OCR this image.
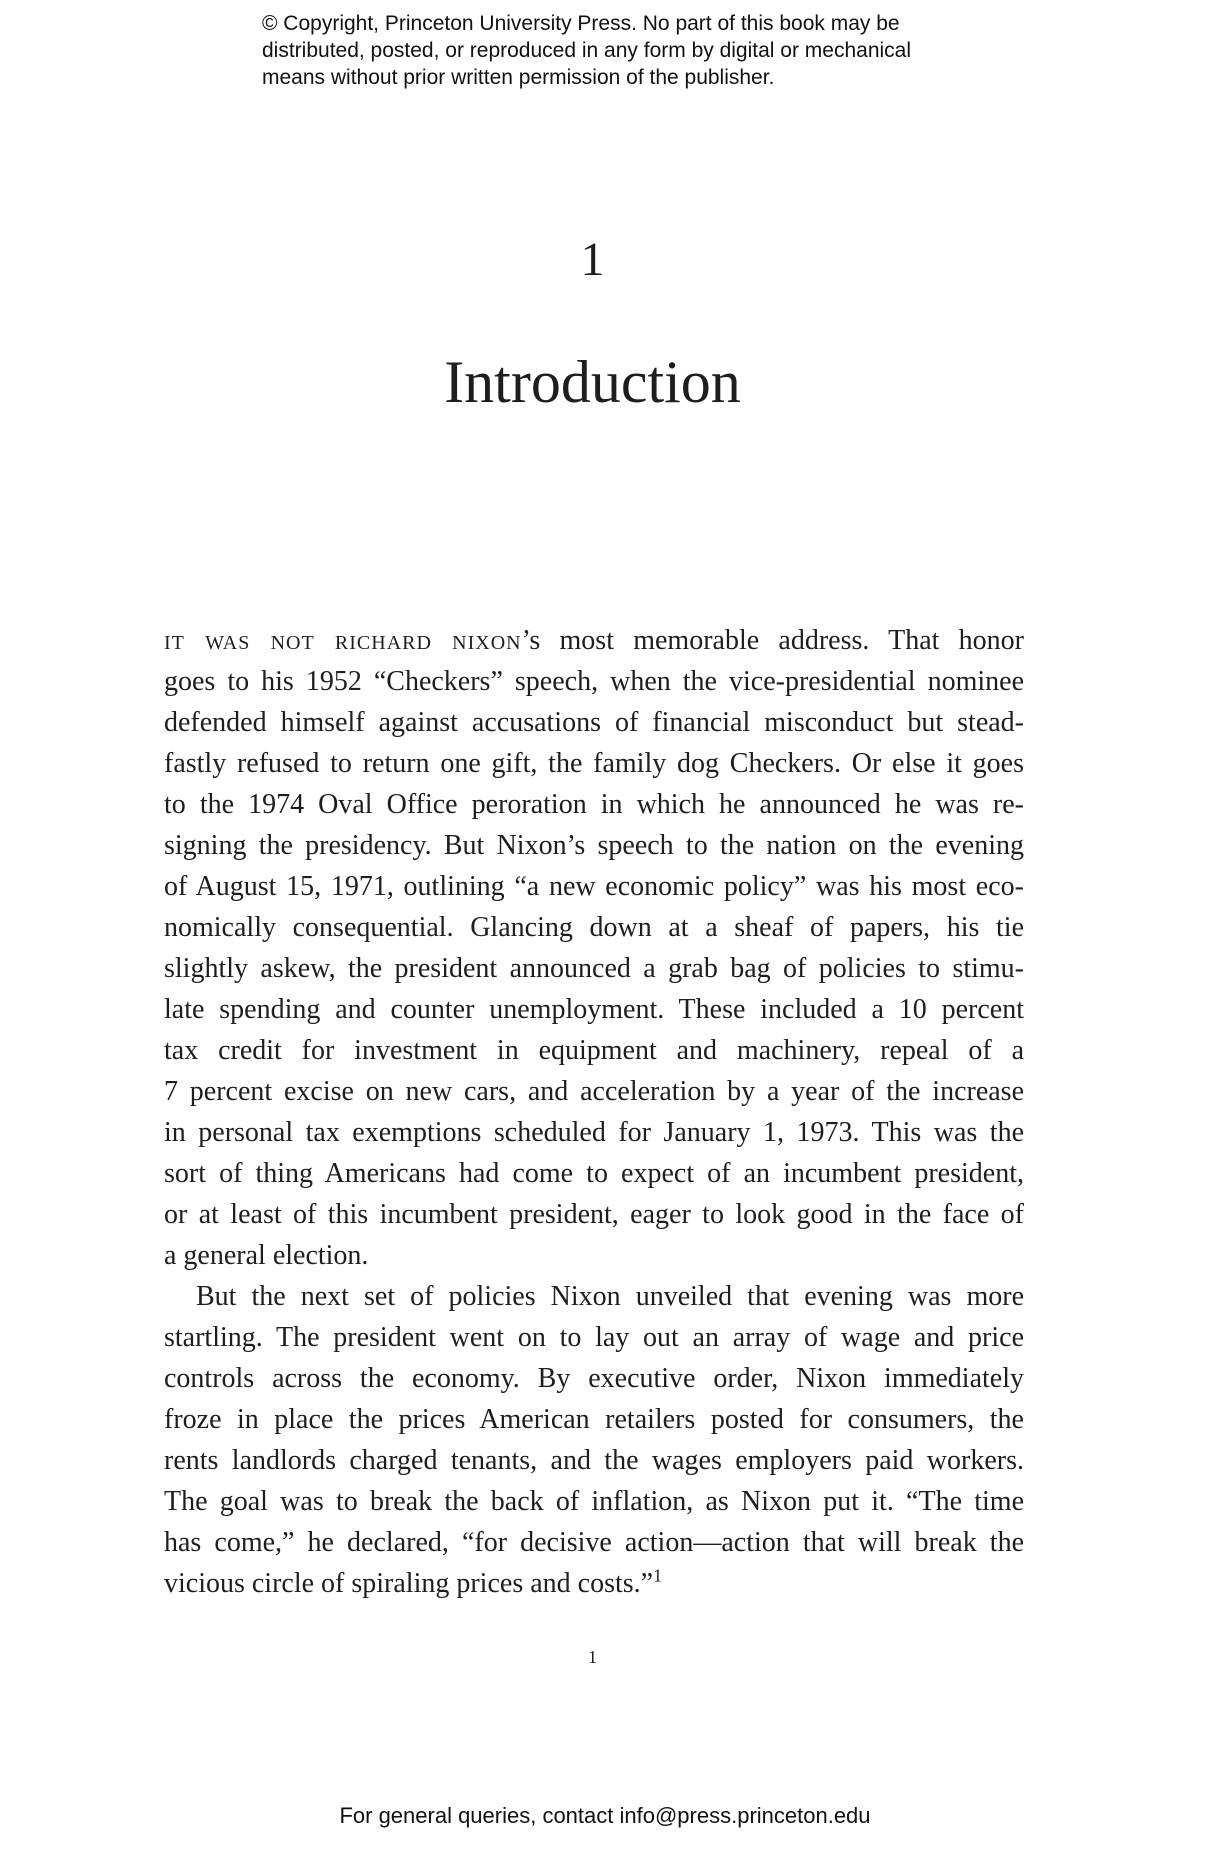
© Copyright, Princeton University Press. No part of this book may be
distributed, posted, or reproduced in any form by digital or mechanical
means without prior written permission of the publisher.
1
Introduction
it was not richard nixon’s most memorable address. That honor
goes to his 1952 “Checkers” speech, when the vice-presidential nominee
defended himself against accusations of financial misconduct but stead-
fastly refused to return one gift, the family dog Checkers. Or else it goes
to the 1974 Oval Office peroration in which he announced he was re-
signing the presidency. But Nixon’s speech to the nation on the evening
of August 15, 1971, outlining “a new economic policy” was his most eco-
nomically consequential. Glancing down at a sheaf of papers, his tie
slightly askew, the president announced a grab bag of policies to stimu-
late spending and counter unemployment. These included a 10 percent
tax credit for investment in equipment and machinery, repeal of a
7 percent excise on new cars, and acceleration by a year of the increase
in personal tax exemptions scheduled for January 1, 1973. This was the
sort of thing Americans had come to expect of an incumbent president,
or at least of this incumbent president, eager to look good in the face of
a general election.
But the next set of policies Nixon unveiled that evening was more
startling. The president went on to lay out an array of wage and price
controls across the economy. By executive order, Nixon immediately
froze in place the prices American retailers posted for consumers, the
rents landlords charged tenants, and the wages employers paid workers.
The goal was to break the back of inflation, as Nixon put it. “The time
has come,” he declared, “for decisive action—action that will break the
vicious circle of spiraling prices and costs.”$^1$
1
For general queries, contact info@press.princeton.edu
